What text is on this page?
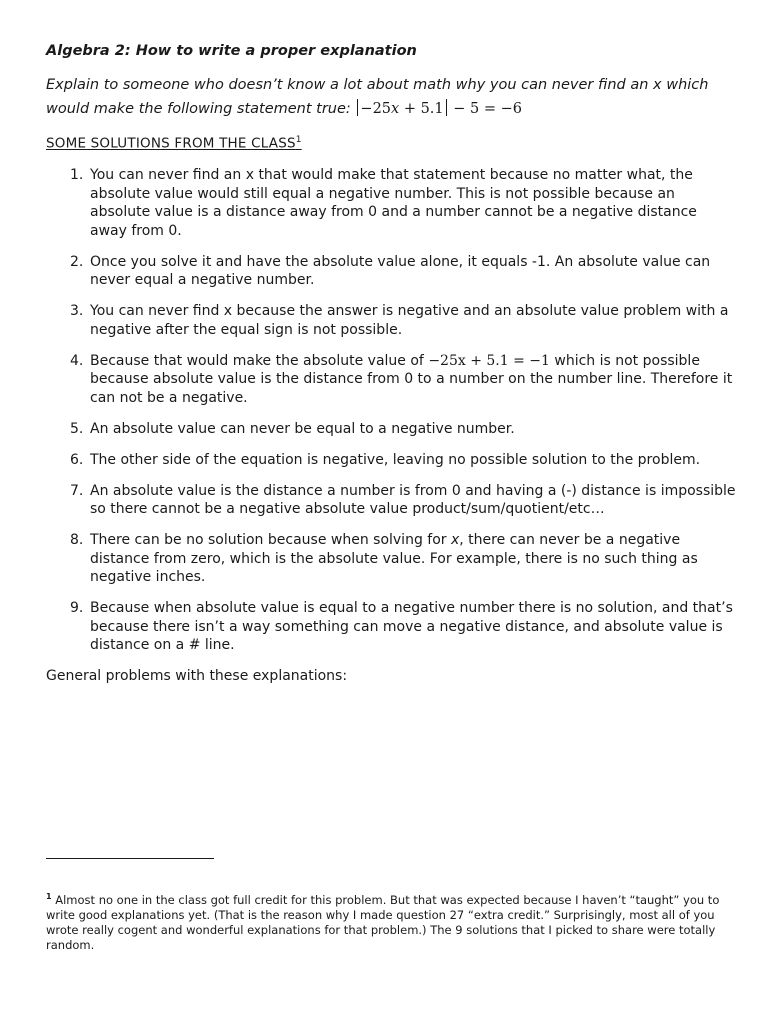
Algebra 2: How to write a proper explanation
Explain to someone who doesn’t know a lot about math why you can never find an x which would make the following statement true: −25x + 5.1 − 5 = −6
SOME SOLUTIONS FROM THE CLASS$^1$
1. You can never find an x that would make that statement because no matter what, the absolute value would still equal a negative number. This is not possible because an absolute value is a distance away from 0 and a number cannot be a negative distance away from 0.
2. Once you solve it and have the absolute value alone, it equals -1. An absolute value can never equal a negative number.
3. You can never find x because the answer is negative and an absolute value problem with a negative after the equal sign is not possible.
4. Because that would make the absolute value of −25x + 5.1 = −1 which is not possible because absolute value is the distance from 0 to a number on the number line. Therefore it can not be a negative.
5. An absolute value can never be equal to a negative number.
6. The other side of the equation is negative, leaving no possible solution to the problem.
7. An absolute value is the distance a number is from 0 and having a (-) distance is impossible so there cannot be a negative absolute value product/sum/quotient/etc…
8. There can be no solution because when solving for x, there can never be a negative distance from zero, which is the absolute value. For example, there is no such thing as negative inches.
9. Because when absolute value is equal to a negative number there is no solution, and that’s because there isn’t a way something can move a negative distance, and absolute value is distance on a # line.
General problems with these explanations:
$^1$ Almost no one in the class got full credit for this problem. But that was expected because I haven’t “taught” you to write good explanations yet. (That is the reason why I made question 27 “extra credit.” Surprisingly, most all of you wrote really cogent and wonderful explanations for that problem.) The 9 solutions that I picked to share were totally random.
